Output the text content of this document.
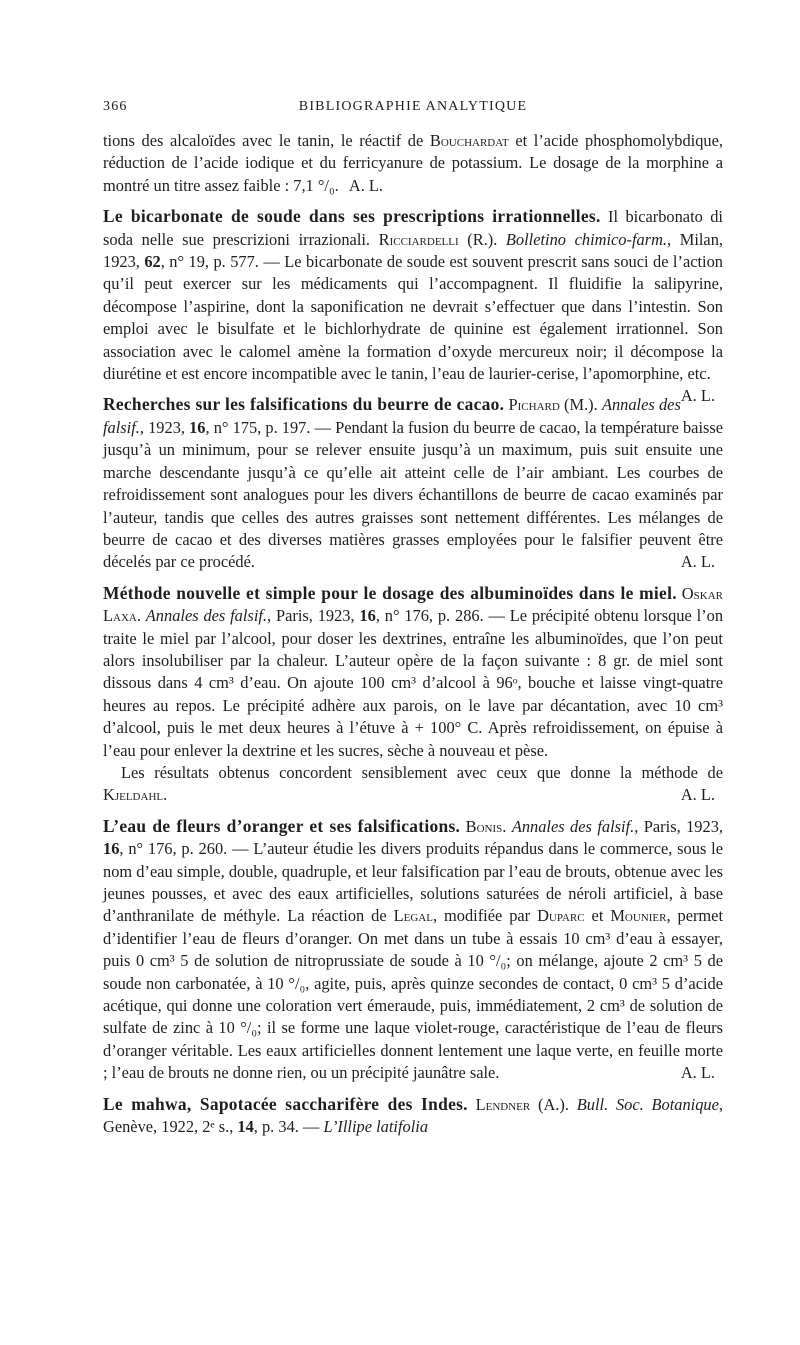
366	BIBLIOGRAPHIE ANALYTIQUE

tions des alcaloïdes avec le tanin, le réactif de Bouchardat et l’acide phosphomolybdique, réduction de l’acide iodique et du ferricyanure de potassium. Le dosage de la morphine a montré un titre assez faible : 7,1 °/₀. A. L.

Le bicarbonate de soude dans ses prescriptions irrationnelles. Il bicarbonato di soda nelle sue prescrizioni irrazionali. Ricciardelli (R.). Bolletino chimico-farm., Milan, 1923, 62, n° 19, p. 577. — Le bicarbonate de soude est souvent prescrit sans souci de l’action qu’il peut exercer sur les médicaments qui l’accompagnent. Il fluidifie la salipyrine, décompose l’aspirine, dont la saponification ne devrait s’effectuer que dans l’intestin. Son emploi avec le bisulfate et le bichlorhydrate de quinine est également irrationnel. Son association avec le calomel amène la formation d’oxyde mercureux noir; il décompose la diurétine et est encore incompatible avec le tanin, l’eau de laurier-cerise, l’apomorphine, etc.
A. L.

Recherches sur les falsifications du beurre de cacao. Pichard (M.). Annales des falsif., 1923, 16, n° 175, p. 197. — Pendant la fusion du beurre de cacao, la température baisse jusqu’à un minimum, pour se relever ensuite jusqu’à un maximum, puis suit ensuite une marche descendante jusqu’à ce qu’elle ait atteint celle de l’air ambiant. Les courbes de refroidissement sont analogues pour les divers échantillons de beurre de cacao examinés par l’auteur, tandis que celles des autres graisses sont nettement différentes. Les mélanges de beurre de cacao et des diverses matières grasses employées pour le falsifier peuvent être décelés par ce procédé.	A. L.

Méthode nouvelle et simple pour le dosage des albuminoïdes dans le miel. Oskar Laxa. Annales des falsif., Paris, 1923, 16, n° 176, p. 286. — Le précipité obtenu lorsque l’on traite le miel par l’alcool, pour doser les dextrines, entraîne les albuminoïdes, que l’on peut alors insolubiliser par la chaleur. L’auteur opère de la façon suivante : 8 gr. de miel sont dissous dans 4 cm³ d’eau. On ajoute 100 cm³ d’alcool à 96ᵒ, bouche et laisse vingt-quatre heures au repos. Le précipité adhère aux parois, on le lave par décantation, avec 10 cm³ d’alcool, puis le met deux heures à l’étuve à + 100° C. Après refroidissement, on épuise à l’eau pour enlever la dextrine et les sucres, sèche à nouveau et pèse.

Les résultats obtenus concordent sensiblement avec ceux que donne la méthode de Kjeldahl.	A. L.

L’eau de fleurs d’oranger et ses falsifications. Bonis. Annales des falsif., Paris, 1923, 16, n° 176, p. 260. — L’auteur étudie les divers produits répandus dans le commerce, sous le nom d’eau simple, double, quadruple, et leur falsification par l’eau de brouts, obtenue avec les jeunes pousses, et avec des eaux artificielles, solutions saturées de néroli artificiel, à base d’anthranilate de méthyle. La réaction de Legal, modifiée par Duparc et Mounier, permet d’identifier l’eau de fleurs d’oranger. On met dans un tube à essais 10 cm³ d’eau à essayer, puis 0 cm³ 5 de solution de nitroprussiate de soude à 10 °/₀; on mélange, ajoute 2 cm³ 5 de soude non carbonatée, à 10 °/₀, agite, puis, après quinze secondes de contact, 0 cm³ 5 d’acide acétique, qui donne une coloration vert émeraude, puis, immédiatement, 2 cm³ de solution de sulfate de zinc à 10 °/₀; il se forme une laque violet-rouge, caractéristique de l’eau de fleurs d’oranger véritable. Les eaux artificielles donnent lentement une laque verte, en feuille morte ; l’eau de brouts ne donne rien, ou un précipité jaunâtre sale.	A. L.

Le mahwa, Sapotacée saccharifère des Indes. Lendner (A.). Bull. Soc. Botanique, Genève, 1922, 2ᵉ s., 14, p. 34. — L’Illipe latifolia
